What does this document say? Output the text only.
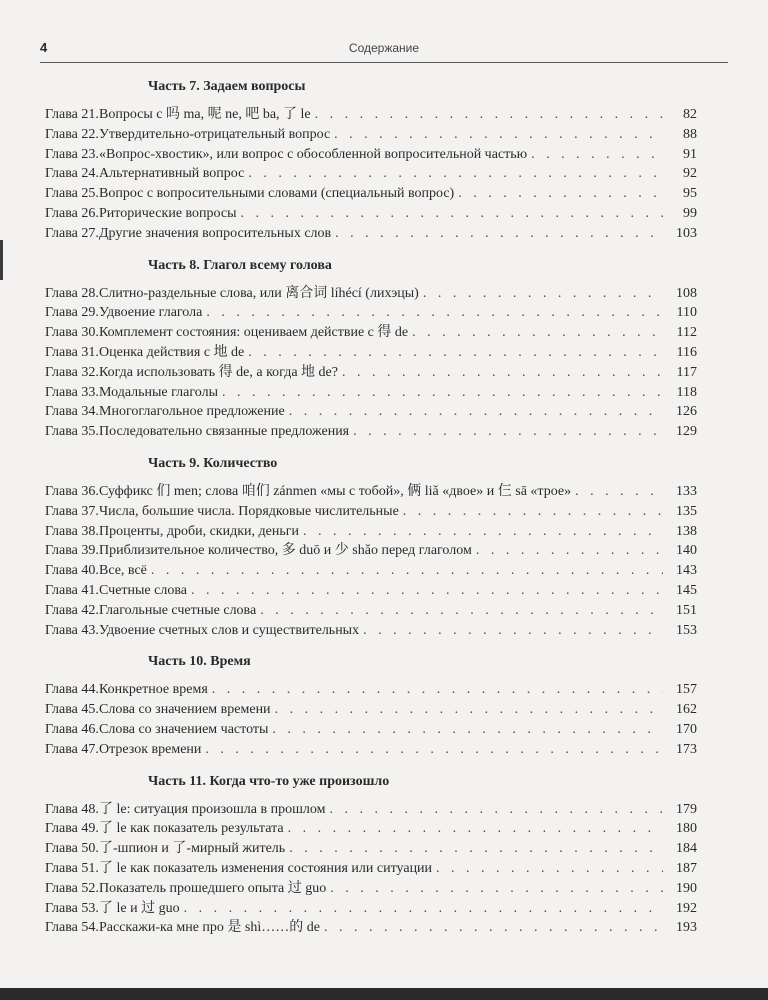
4	Содержание
Часть 7. Задаем вопросы
Глава 21. Вопросы с 吗 ma, 呢 ne, 吧 ba, 了 le . . .	82
Глава 22. Утвердительно-отрицательный вопрос . . .	88
Глава 23. «Вопрос-хвостик», или вопрос с обособленной вопросительной частью . . .	91
Глава 24. Альтернативный вопрос . . .	92
Глава 25. Вопрос с вопросительными словами (специальный вопрос) . . .	95
Глава 26. Риторические вопросы . . .	99
Глава 27. Другие значения вопросительных слов . . .	103
Часть 8. Глагол всему голова
Глава 28. Слитно-раздельные слова, или 离合词 líhécí (лихэцы) . . .	108
Глава 29. Удвоение глагола . . .	110
Глава 30. Комплемент состояния: оцениваем действие с 得 de . . .	112
Глава 31. Оценка действия с 地 de . . .	116
Глава 32. Когда использовать 得 de, а когда 地 de? . . .	117
Глава 33. Модальные глаголы . . .	118
Глава 34. Многоглагольное предложение . . .	126
Глава 35. Последовательно связанные предложения . . .	129
Часть 9. Количество
Глава 36. Суффикс 们 men; слова 咱们 zánmen «мы с тобой», 俩 liǎ «двое» и 仨 sā «трое» . . .	133
Глава 37. Числа, большие числа. Порядковые числительные . . .	135
Глава 38. Проценты, дроби, скидки, деньги . . .	138
Глава 39. Приблизительное количество, 多 duō и 少 shǎo перед глаголом . . .	140
Глава 40. Все, всё . . .	143
Глава 41. Счетные слова . . .	145
Глава 42. Глагольные счетные слова . . .	151
Глава 43. Удвоение счетных слов и существительных . . .	153
Часть 10. Время
Глава 44. Конкретное время . . .	157
Глава 45. Слова со значением времени . . .	162
Глава 46. Слова со значением частоты . . .	170
Глава 47. Отрезок времени . . .	173
Часть 11. Когда что-то уже произошло
Глава 48. 了 le: ситуация произошла в прошлом . . .	179
Глава 49. 了 le как показатель результата . . .	180
Глава 50. 了-шпион и 了-мирный житель . . .	184
Глава 51. 了 le как показатель изменения состояния или ситуации . . .	187
Глава 52. Показатель прошедшего опыта 过 guo . . .	190
Глава 53. 了 le и 过 guo . . .	192
Глава 54. Расскажи-ка мне про 是 shì……的 de . . .	193
